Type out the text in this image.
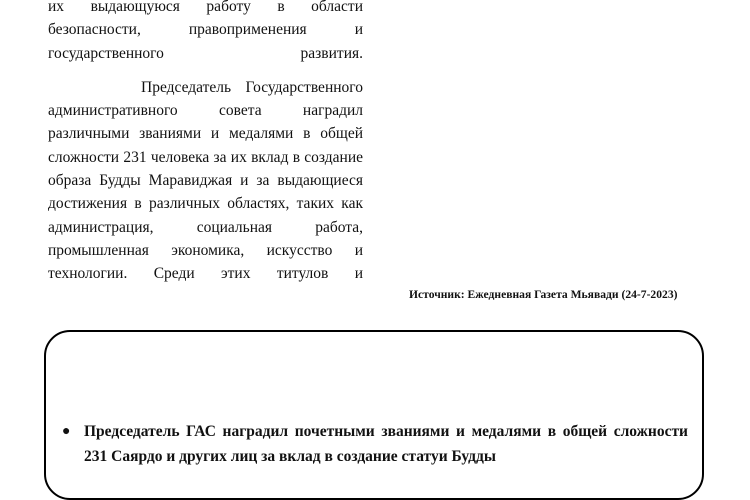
их выдающуюся работу в области безопасности, правоприменения и государственного развития.

Председатель Государственного административного совета наградил различными званиями и медалями в общей сложности 231 человека за их вклад в создание образа Будды Маравиджая и за выдающиеся достижения в различных областях, таких как администрация, социальная работа, промышленная экономика, искусство и технологии. Среди этих титулов и

Источник: Ежедневная Газета Мьявади (24-7-2023)
● Председатель ГАС наградил почетными званиями и медалями в общей сложности 231 Саярдо и других лиц за вклад в создание статуи Будды
